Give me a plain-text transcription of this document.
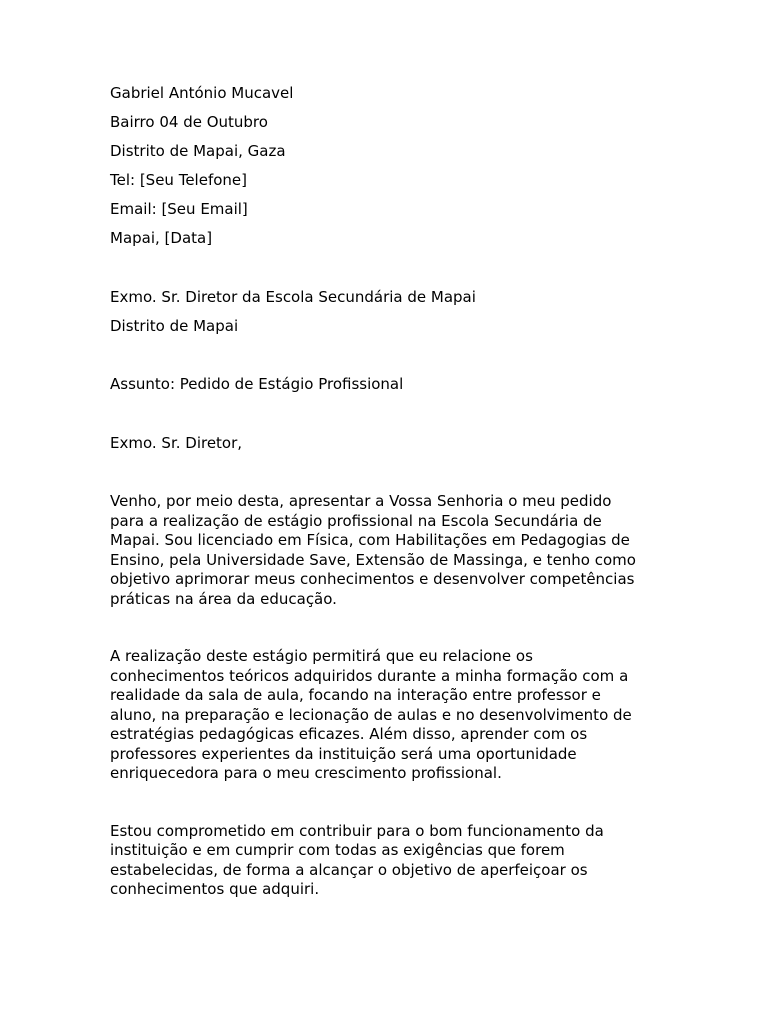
Gabriel António Mucavel
Bairro 04 de Outubro
Distrito de Mapai, Gaza
Tel: [Seu Telefone]
Email: [Seu Email]
Mapai, [Data]
Exmo. Sr. Diretor da Escola Secundária de Mapai
Distrito de Mapai
Assunto: Pedido de Estágio Profissional
Exmo. Sr. Diretor,

Venho, por meio desta, apresentar a Vossa Senhoria o meu pedido
para a realização de estágio profissional na Escola Secundária de
Mapai. Sou licenciado em Física, com Habilitações em Pedagogias de
Ensino, pela Universidade Save, Extensão de Massinga, e tenho como
objetivo aprimorar meus conhecimentos e desenvolver competências
práticas na área da educação.

A realização deste estágio permitirá que eu relacione os
conhecimentos teóricos adquiridos durante a minha formação com a
realidade da sala de aula, focando na interação entre professor e
aluno, na preparação e lecionação de aulas e no desenvolvimento de
estratégias pedagógicas eficazes. Além disso, aprender com os
professores experientes da instituição será uma oportunidade
enriquecedora para o meu crescimento profissional.

Estou comprometido em contribuir para o bom funcionamento da
instituição e em cumprir com todas as exigências que forem
estabelecidas, de forma a alcançar o objetivo de aperfeiçoar os
conhecimentos que adquiri.
